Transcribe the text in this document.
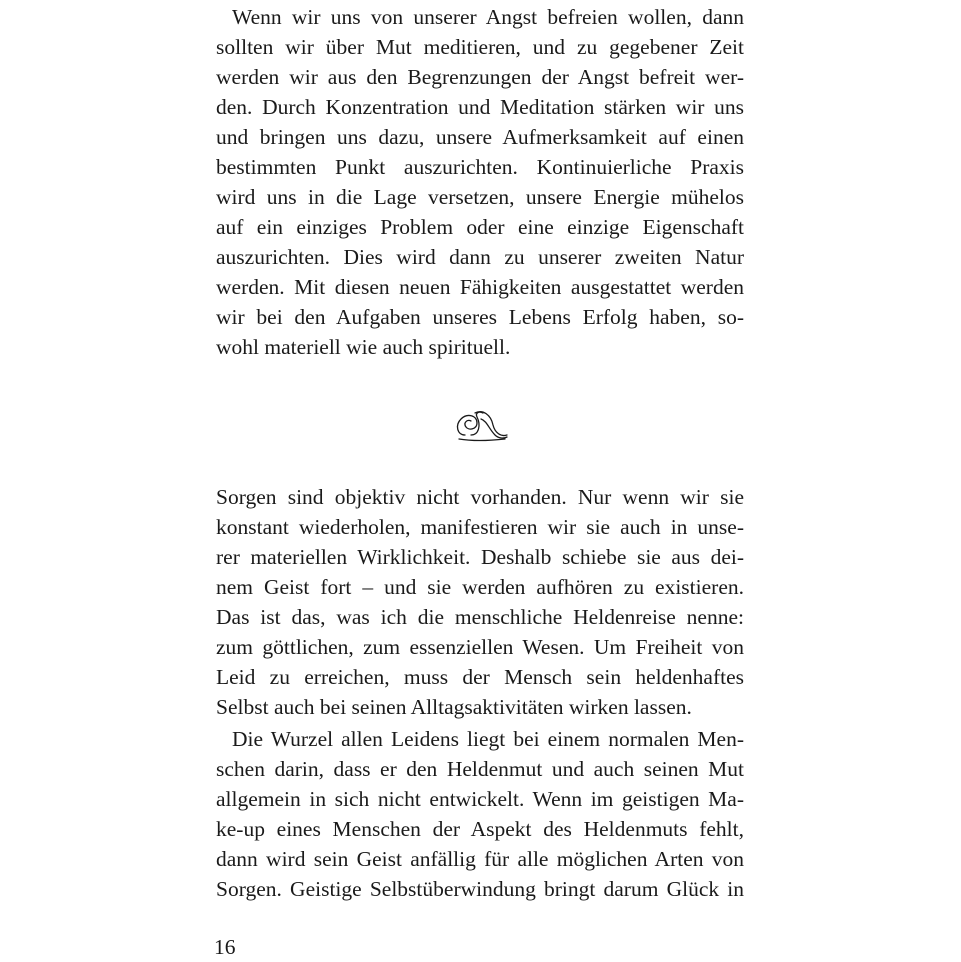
Wenn wir uns von unserer Angst befreien wollen, dann
sollten wir über Mut meditieren, und zu gegebener Zeit
werden wir aus den Begrenzungen der Angst befreit wer-
den. Durch Konzentration und Meditation stärken wir uns
und bringen uns dazu, unsere Aufmerksamkeit auf einen
bestimmten Punkt auszurichten. Kontinuierliche Praxis
wird uns in die Lage versetzen, unsere Energie mühelos
auf ein einziges Problem oder eine einzige Eigenschaft
auszurichten. Dies wird dann zu unserer zweiten Natur
werden. Mit diesen neuen Fähigkeiten ausgestattet werden
wir bei den Aufgaben unseres Lebens Erfolg haben, so-
wohl materiell wie auch spirituell.
Sorgen sind objektiv nicht vorhanden. Nur wenn wir sie
konstant wiederholen, manifestieren wir sie auch in unse-
rer materiellen Wirklichkeit. Deshalb schiebe sie aus dei-
nem Geist fort – und sie werden aufhören zu existieren.
Das ist das, was ich die menschliche Heldenreise nenne:
zum göttlichen, zum essenziellen Wesen. Um Freiheit von
Leid zu erreichen, muss der Mensch sein heldenhaftes
Selbst auch bei seinen Alltagsaktivitäten wirken lassen.
Die Wurzel allen Leidens liegt bei einem normalen Men-
schen darin, dass er den Heldenmut und auch seinen Mut
allgemein in sich nicht entwickelt. Wenn im geistigen Ma-
ke-up eines Menschen der Aspekt des Heldenmuts fehlt,
dann wird sein Geist anfällig für alle möglichen Arten von
Sorgen. Geistige Selbstüberwindung bringt darum Glück in
16
